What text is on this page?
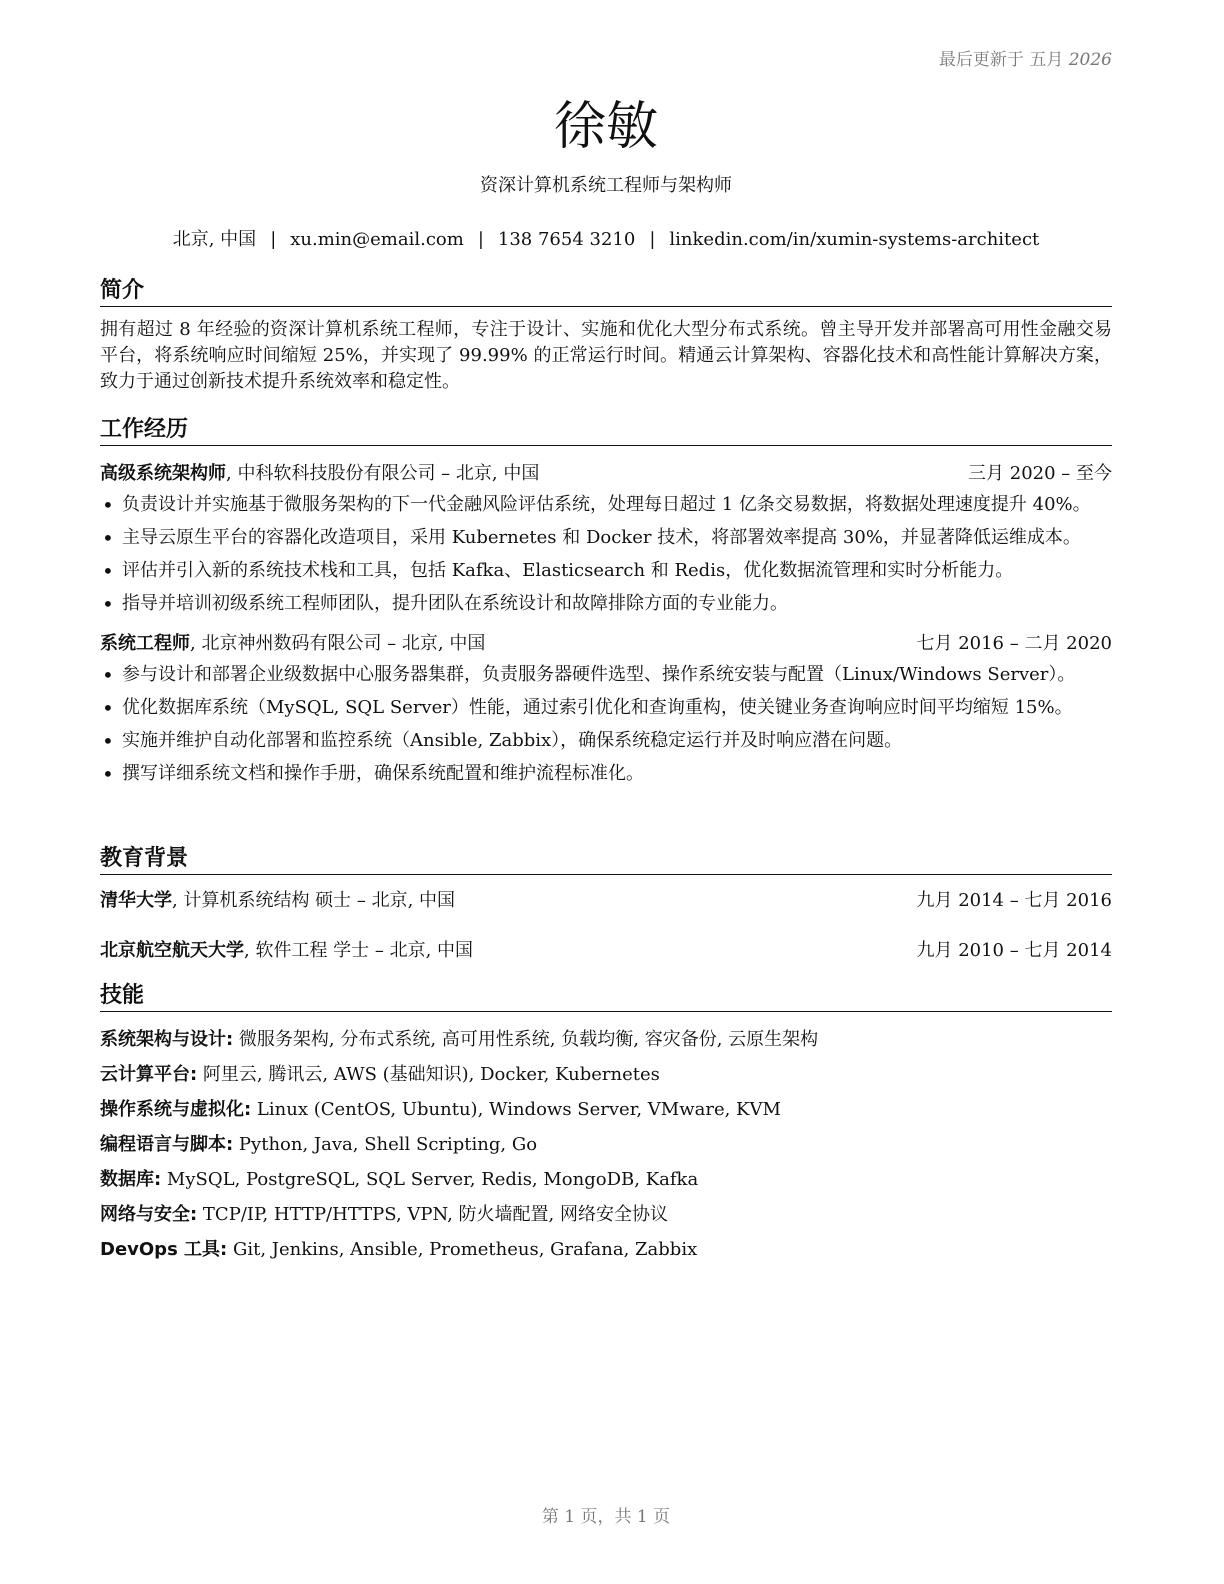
最后更新于 五月 2026
徐敏
资深计算机系统工程师与架构师
北京, 中国 | xu.min@email.com | 138 7654 3210 | linkedin.com/in/xumin-systems-architect
简介
拥有超过 8 年经验的资深计算机系统工程师，专注于设计、实施和优化大型分布式系统。曾主导开发并部署高可用性金融交易平台，将系统响应时间缩短 25%，并实现了 99.99% 的正常运行时间。精通云计算架构、容器化技术和高性能计算解决方案，致力于通过创新技术提升系统效率和稳定性。
工作经历
高级系统架构师, 中科软科技股份有限公司 – 北京, 中国	三月 2020 – 至今
• 负责设计并实施基于微服务架构的下一代金融风险评估系统，处理每日超过 1 亿条交易数据，将数据处理速度提升 40%。
• 主导云原生平台的容器化改造项目，采用 Kubernetes 和 Docker 技术，将部署效率提高 30%，并显著降低运维成本。
• 评估并引入新的系统技术栈和工具，包括 Kafka、Elasticsearch 和 Redis，优化数据流管理和实时分析能力。
• 指导并培训初级系统工程师团队，提升团队在系统设计和故障排除方面的专业能力。
系统工程师, 北京神州数码有限公司 – 北京, 中国	七月 2016 – 二月 2020
• 参与设计和部署企业级数据中心服务器集群，负责服务器硬件选型、操作系统安装与配置（Linux/Windows Server）。
• 优化数据库系统（MySQL, SQL Server）性能，通过索引优化和查询重构，使关键业务查询响应时间平均缩短 15%。
• 实施并维护自动化部署和监控系统（Ansible, Zabbix），确保系统稳定运行并及时响应潜在问题。
• 撰写详细系统文档和操作手册，确保系统配置和维护流程标准化。
教育背景
清华大学, 计算机系统结构 硕士 – 北京, 中国	九月 2014 – 七月 2016
北京航空航天大学, 软件工程 学士 – 北京, 中国	九月 2010 – 七月 2014
技能
系统架构与设计: 微服务架构, 分布式系统, 高可用性系统, 负载均衡, 容灾备份, 云原生架构
云计算平台: 阿里云, 腾讯云, AWS (基础知识), Docker, Kubernetes
操作系统与虚拟化: Linux (CentOS, Ubuntu), Windows Server, VMware, KVM
编程语言与脚本: Python, Java, Shell Scripting, Go
数据库: MySQL, PostgreSQL, SQL Server, Redis, MongoDB, Kafka
网络与安全: TCP/IP, HTTP/HTTPS, VPN, 防火墙配置, 网络安全协议
DevOps 工具: Git, Jenkins, Ansible, Prometheus, Grafana, Zabbix
第 1 页，共 1 页
